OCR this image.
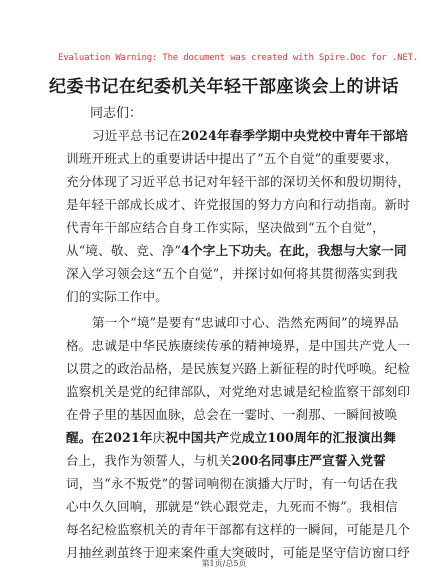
Evaluation Warning: The document was created with Spire.Doc for .NET.
纪委书记在纪委机关年轻干部座谈会上的讲话
同志们：
习近平总书记在2024年春季学期中央党校中青年干部培
训班开班式上的重要讲话中提出了“五个自觉”的重要要求，
充分体现了习近平总书记对年轻干部的深切关怀和殷切期待，
是年轻干部成长成才、许党报国的努力方向和行动指南。新时
代青年干部应结合自身工作实际，坚决做到“五个自觉”，
从“境、敬、竞、净”4个字上下功夫。在此，我想与大家一同
深入学习领会这“五个自觉”，并探讨如何将其贯彻落实到我
们的实际工作中。
第一个“境”是要有“忠诚印寸心、浩然充两间”的境界品
格。忠诚是中华民族赓续传承的精神境界，是中国共产党人一
以贯之的政治品格，是民族复兴路上新征程的时代呼唤。纪检
监察机关是党的纪律部队，对党绝对忠诚是纪检监察干部刻印
在骨子里的基因血脉，总会在一霎时、一刹那、一瞬间被唤
醒。在2021年庆祝中国共产党成立100周年的汇报演出舞
台上，我作为领誓人，与机关200名同事庄严宣誓入党誓
词，当“永不叛党”的誓词响彻在演播大厅时，有一句话在我
心中久久回响，那就是“铁心跟党走，九死而不悔”。我相信
每名纪检监察机关的青年干部都有这样的一瞬间，可能是几个
月抽丝剥茧终于迎来案件重大突破时，可能是坚守信访窗口纾
第1页/总5页
